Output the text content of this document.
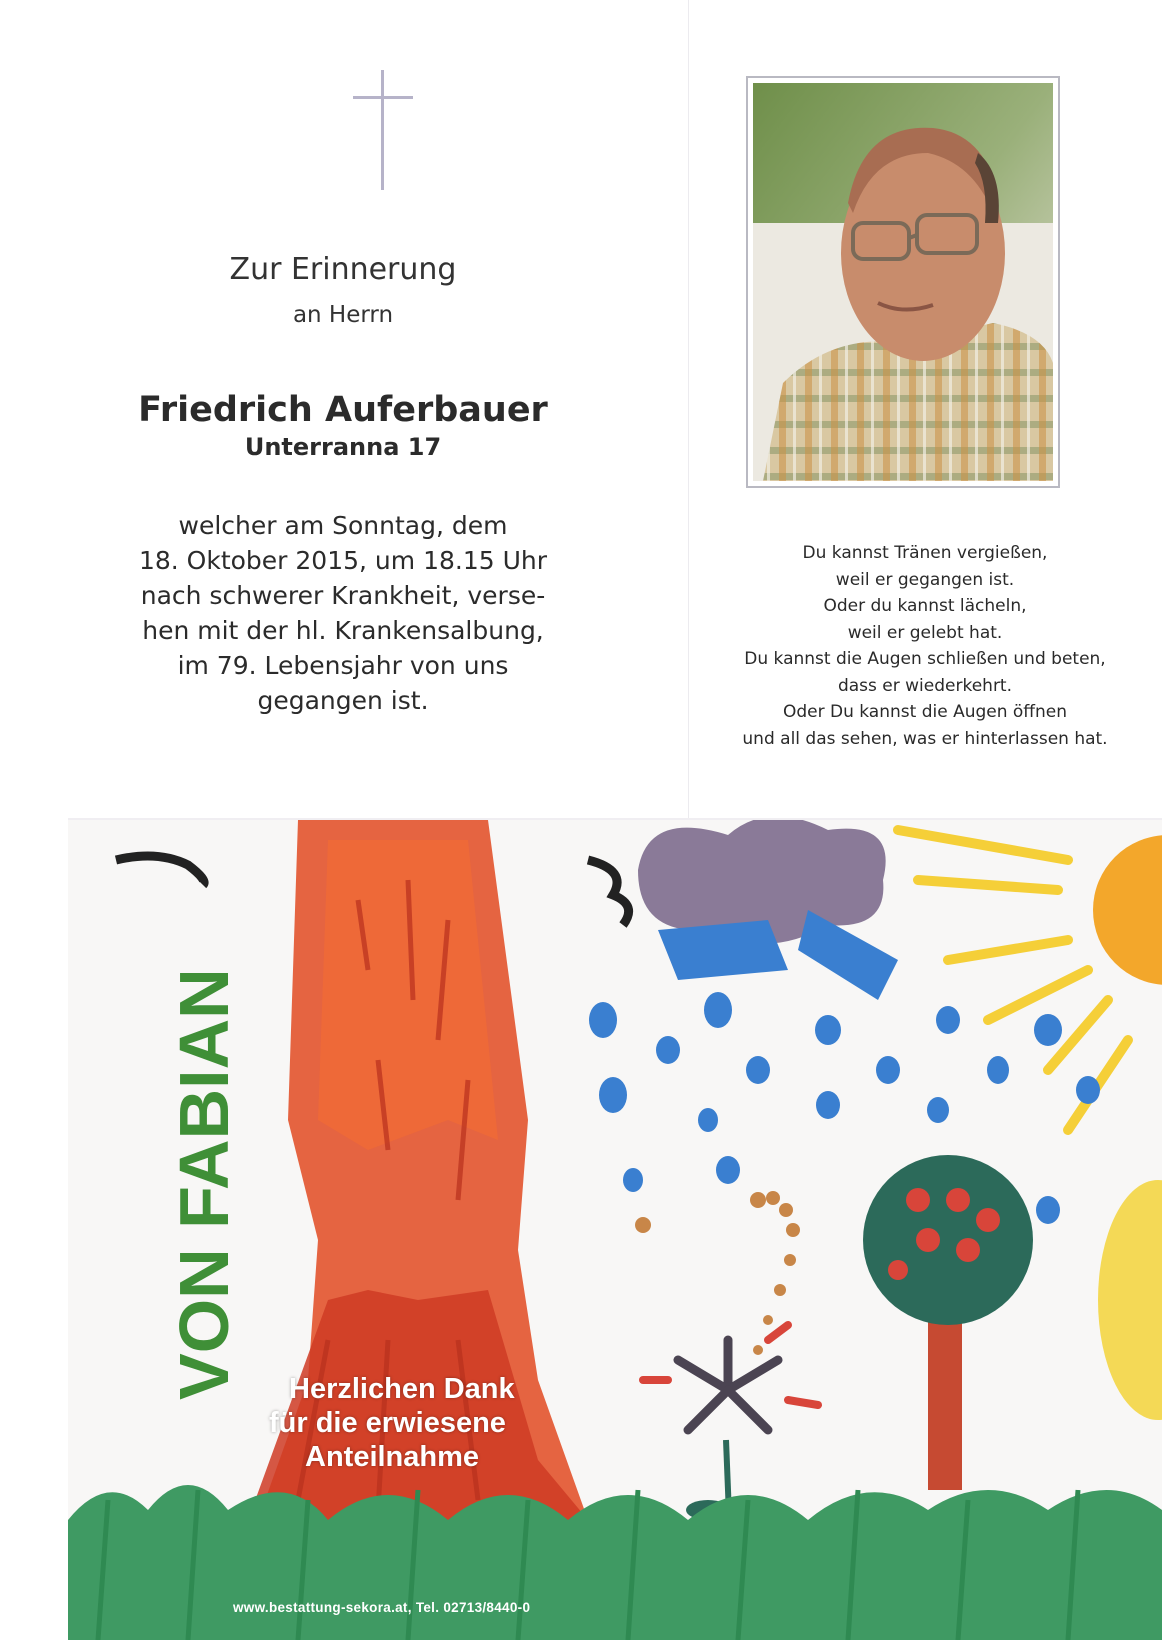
Zur Erinnerung
an Herrn
Friedrich Auferbauer
Unterranna 17
welcher am Sonntag, dem
18. Oktober 2015, um 18.15 Uhr
nach schwerer Krankheit, verse-
hen mit der hl. Krankensalbung,
im 79. Lebensjahr von uns
gegangen ist.
Du kannst Tränen vergießen,
weil er gegangen ist.
Oder du kannst lächeln,
weil er gelebt hat.
Du kannst die Augen schließen und beten,
dass er wiederkehrt.
Oder Du kannst die Augen öffnen
und all das sehen, was er hinterlassen hat.
VON FABIAN	Herzlichen Dank
für die erwiesene
Anteilnahme
www.bestattung-sekora.at, Tel. 02713/8440-0
